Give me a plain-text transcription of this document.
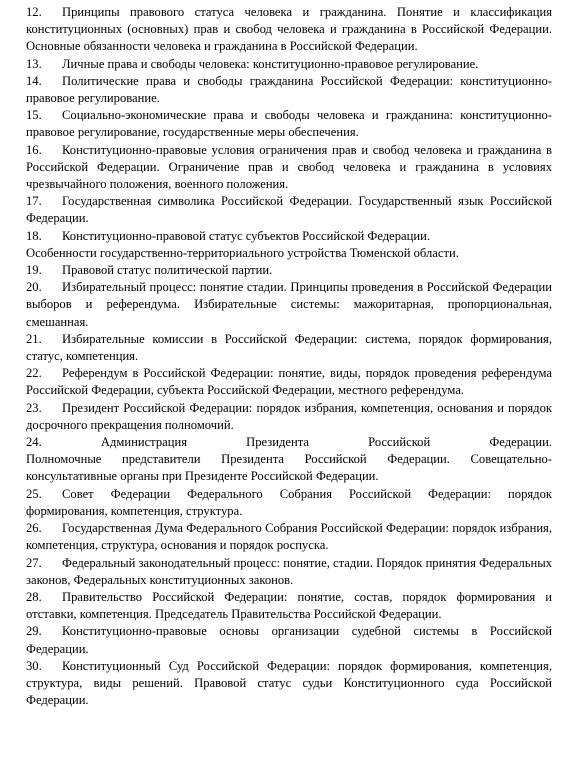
12. Принципы правового статуса человека и гражданина. Понятие и классификация конституционных (основных) прав и свобод человека и гражданина в Российской Федерации. Основные обязанности человека и гражданина в Российской Федерации.

13. Личные права и свободы человека: конституционно-правовое регулирование.

14. Политические права и свободы гражданина Российской Федерации: конституционно-правовое регулирование.

15. Социально-экономические права и свободы человека и гражданина: конституционно-правовое регулирование, государственные меры обеспечения.

16. Конституционно-правовые условия ограничения прав и свобод человека и гражданина в Российской Федерации. Ограничение прав и свобод человека и гражданина в условиях чрезвычайного положения, военного положения.

17. Государственная символика Российской Федерации. Государственный язык Российской Федерации.

18. Конституционно-правовой статус субъектов Российской Федерации.

Особенности государственно-территориального устройства Тюменской области.

19. Правовой статус политической партии.

20. Избирательный процесс: понятие стадии. Принципы проведения в Российской Федерации выборов и референдума. Избирательные системы: мажоритарная, пропорциональная, смешанная.

21. Избирательные комиссии в Российской Федерации: система, порядок формирования, статус, компетенция.

22. Референдум в Российской Федерации: понятие, виды, порядок проведения референдума Российской Федерации, субъекта Российской Федерации, местного референдума.

23. Президент Российской Федерации: порядок избрания, компетенция, основания и порядок досрочного прекращения полномочий.

24.	Администрация Президента Российской Федерации.
Полномочные представители Президента Российской Федерации. Совещательно-консультативные органы при Президенте Российской Федерации.

25. Совет Федерации Федерального Собрания Российской Федерации: порядок формирования, компетенция, структура.

26. Государственная Дума Федерального Собрания Российской Федерации: порядок избрания, компетенция, структура, основания и порядок роспуска.

27. Федеральный законодательный процесс: понятие, стадии. Порядок принятия Федеральных законов, Федеральных конституционных законов.

28. Правительство Российской Федерации: понятие, состав, порядок формирования и отставки, компетенция. Председатель Правительства Российской Федерации.

29. Конституционно-правовые основы организации судебной системы в Российской Федерации.

30. Конституционный Суд Российской Федерации: порядок формирования, компетенция, структура, виды решений. Правовой статус судьи Конституционного суда Российской Федерации.
